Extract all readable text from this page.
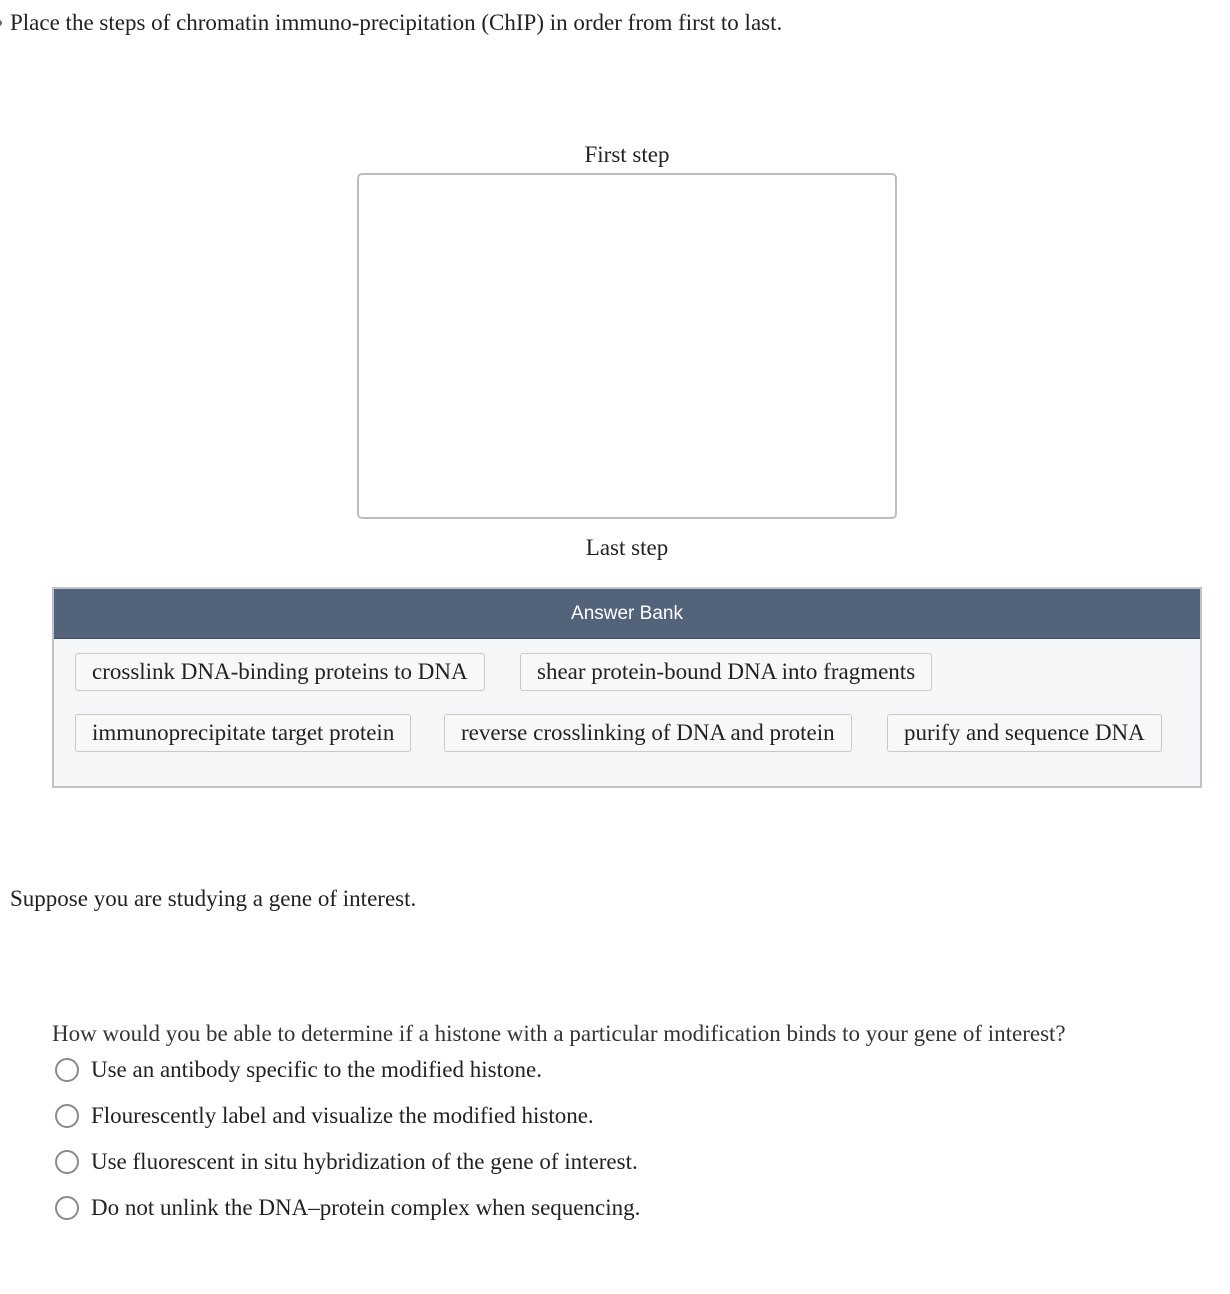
Place the steps of chromatin immuno-precipitation (ChIP) in order from first to last.
First step
Last step
Answer Bank
crosslink DNA-binding proteins to DNA	shear protein-bound DNA into fragments
immunoprecipitate target protein	reverse crosslinking of DNA and protein	purify and sequence DNA
Suppose you are studying a gene of interest.
How would you be able to determine if a histone with a particular modification binds to your gene of interest?
Use an antibody specific to the modified histone.
Flourescently label and visualize the modified histone.
Use fluorescent in situ hybridization of the gene of interest.
Do not unlink the DNA–protein complex when sequencing.
